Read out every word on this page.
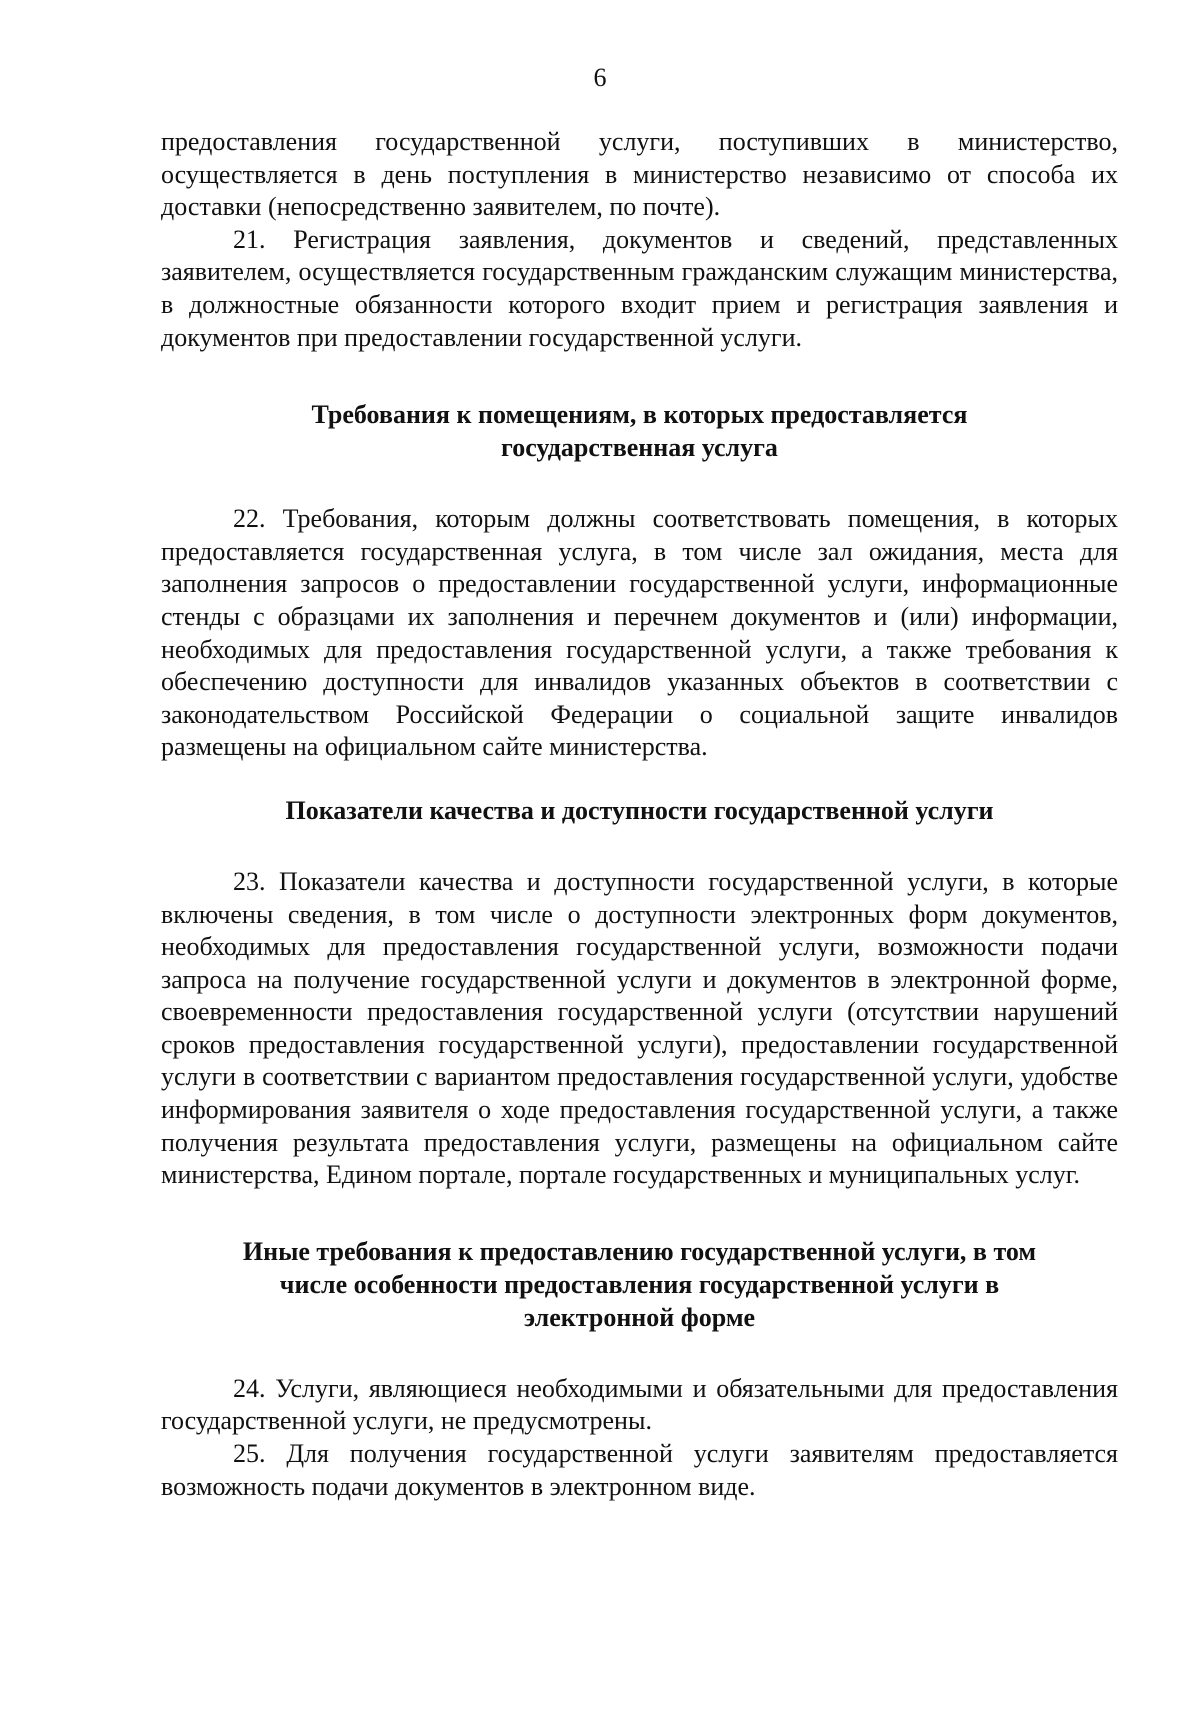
6

предоставления государственной услуги, поступивших в министерство, осуществляется в день поступления в министерство независимо от способа их доставки (непосредственно заявителем, по почте).

21. Регистрация заявления, документов и сведений, представленных заявителем, осуществляется государственным гражданским служащим министерства, в должностные обязанности которого входит прием и регистрация заявления и документов при предоставлении государственной услуги.

Требования к помещениям, в которых предоставляется
государственная услуга

22. Требования, которым должны соответствовать помещения, в которых предоставляется государственная услуга, в том числе зал ожидания, места для заполнения запросов о предоставлении государственной услуги, информационные стенды с образцами их заполнения и перечнем документов и (или) информации, необходимых для предоставления государственной услуги, а также требования к обеспечению доступности для инвалидов указанных объектов в соответствии с законодательством Российской Федерации о социальной защите инвалидов размещены на официальном сайте министерства.

Показатели качества и доступности государственной услуги

23. Показатели качества и доступности государственной услуги, в которые включены сведения, в том числе о доступности электронных форм документов, необходимых для предоставления государственной услуги, возможности подачи запроса на получение государственной услуги и документов в электронной форме, своевременности предоставления государственной услуги (отсутствии нарушений сроков предоставления государственной услуги), предоставлении государственной услуги в соответствии с вариантом предоставления государственной услуги, удобстве информирования заявителя о ходе предоставления государственной услуги, а также получения результата предоставления услуги, размещены на официальном сайте министерства, Едином портале, портале государственных и муниципальных услуг.

Иные требования к предоставлению государственной услуги, в том
числе особенности предоставления государственной услуги в
электронной форме

24. Услуги, являющиеся необходимыми и обязательными для предоставления государственной услуги, не предусмотрены.

25. Для получения государственной услуги заявителям предоставляется возможность подачи документов в электронном виде.
